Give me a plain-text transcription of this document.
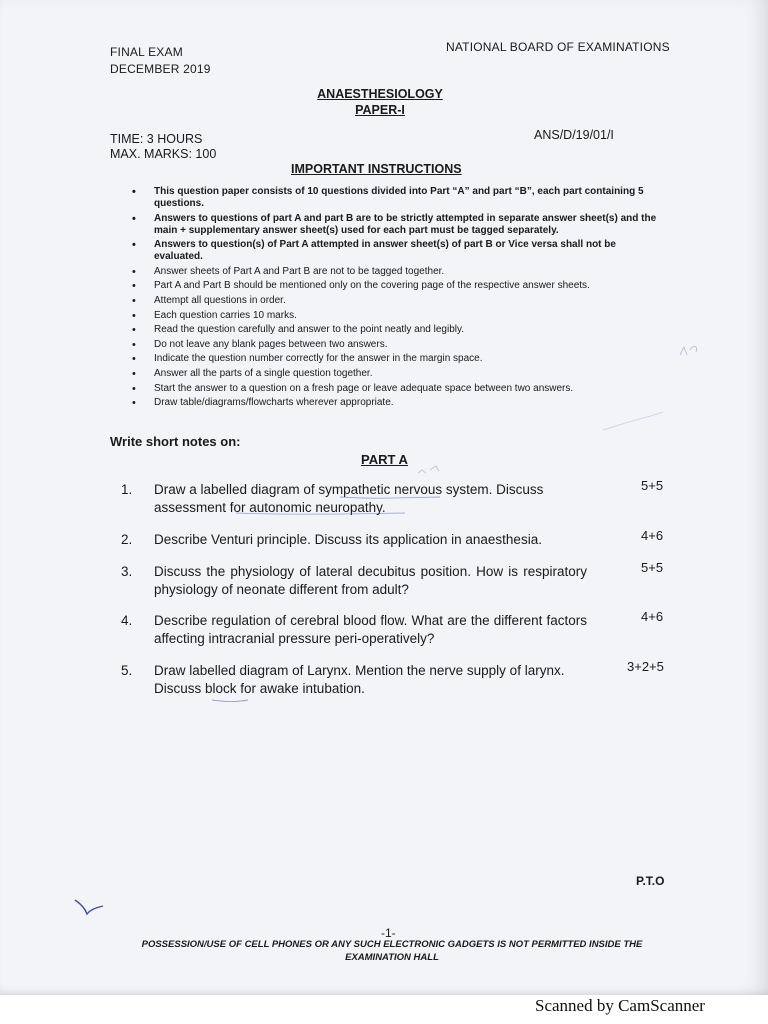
FINAL EXAM
DECEMBER 2019
NATIONAL BOARD OF EXAMINATIONS
ANAESTHESIOLOGY
PAPER-I
TIME: 3 HOURS
MAX. MARKS: 100
ANS/D/19/01/I
IMPORTANT INSTRUCTIONS
• This question paper consists of 10 questions divided into Part “A” and part “B”, each part containing 5 questions.
• Answers to questions of part A and part B are to be strictly attempted in separate answer sheet(s) and the main + supplementary answer sheet(s) used for each part must be tagged separately.
• Answers to question(s) of Part A attempted in answer sheet(s) of part B or Vice versa shall not be evaluated.
• Answer sheets of Part A and Part B are not to be tagged together.
• Part A and Part B should be mentioned only on the covering page of the respective answer sheets.
• Attempt all questions in order.
• Each question carries 10 marks.
• Read the question carefully and answer to the point neatly and legibly.
• Do not leave any blank pages between two answers.
• Indicate the question number correctly for the answer in the margin space.
• Answer all the parts of a single question together.
• Start the answer to a question on a fresh page or leave adequate space between two answers.
• Draw table/diagrams/flowcharts wherever appropriate.
Write short notes on:
PART A
1. Draw a labelled diagram of sympathetic nervous system. Discuss assessment for autonomic neuropathy.
5+5
2. Describe Venturi principle. Discuss its application in anaesthesia.	4+6
3. Discuss the physiology of lateral decubitus position. How is respiratory physiology of neonate different from adult?
5+5
4. Describe regulation of cerebral blood flow. What are the different factors affecting intracranial pressure peri-operatively?
4+6
5. Draw labelled diagram of Larynx. Mention the nerve supply of larynx. Discuss block for awake intubation.
3+2+5
P.T.O
-1-
POSSESSION/USE OF CELL PHONES OR ANY SUCH ELECTRONIC GADGETS IS NOT PERMITTED INSIDE THE EXAMINATION HALL
Scanned by CamScanner
